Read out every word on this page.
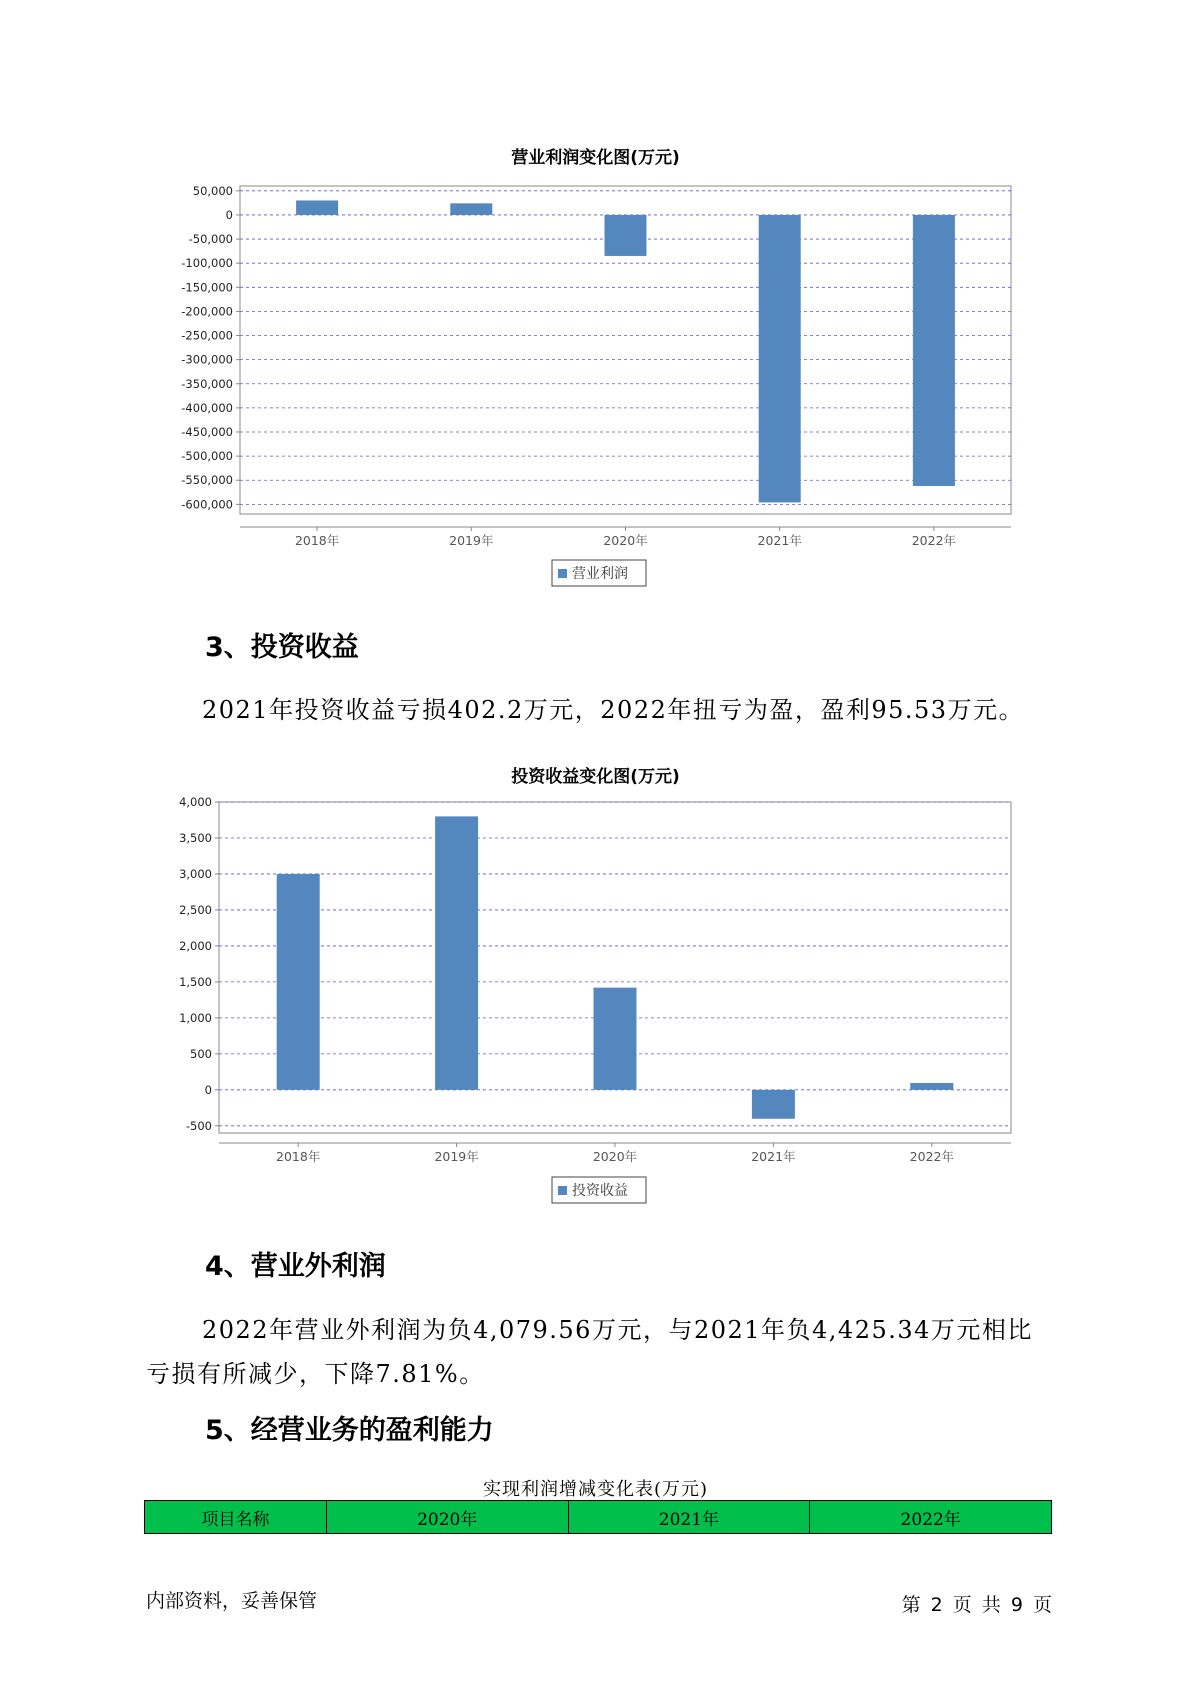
营业利润变化图(万元)
50,000
0
-50,000
-100,000
-150,000
-200,000
-250,000
-300,000
-350,000
-400,000
-450,000
-500,000
-550,000
-600,000
2018年	2019年	2020年	2021年	2022年
营业利润
3、投资收益
2021年投资收益亏损402.2万元，2022年扭亏为盈，盈利95.53万元。
投资收益变化图(万元)
4,000
3,500
3,000
2,500
2,000
1,500
1,000
500
0
-500
2018年	2019年	2020年	2021年	2022年
投资收益
4、营业外利润
2022年营业外利润为负4,079.56万元，与2021年负4,425.34万元相比
亏损有所减少，下降7.81%。
5、经营业务的盈利能力
实现利润增减变化表(万元)
项目名称	2020年	2021年	2022年
内部资料，妥善保管	第 2 页 共 9 页
